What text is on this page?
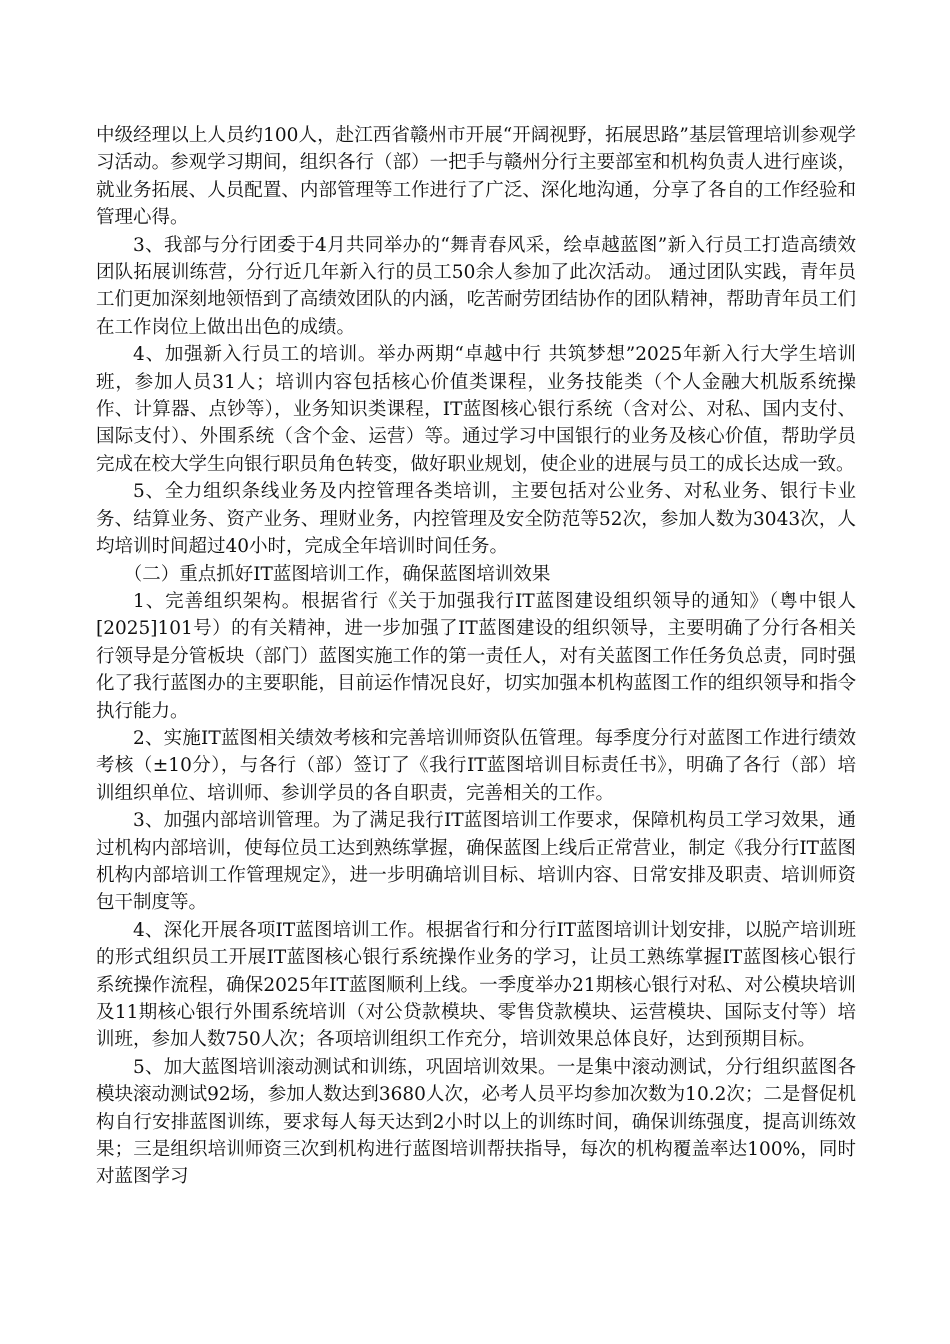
中级经理以上人员约100人，赴江西省赣州市开展“开阔视野，拓展思路”基层管理培训参观学习活动。参观学习期间，组织各行（部）一把手与赣州分行主要部室和机构负责人进行座谈，就业务拓展、人员配置、内部管理等工作进行了广泛、深化地沟通，分享了各自的工作经验和管理心得。

3、我部与分行团委于4月共同举办的“舞青春风采，绘卓越蓝图”新入行员工打造高绩效团队拓展训练营，分行近几年新入行的员工50余人参加了此次活动。 通过团队实践，青年员工们更加深刻地领悟到了高绩效团队的内涵，吃苦耐劳团结协作的团队精神，帮助青年员工们在工作岗位上做出出色的成绩。

4、加强新入行员工的培训。举办两期“卓越中行 共筑梦想”2025年新入行大学生培训班，参加人员31人；培训内容包括核心价值类课程，业务技能类（个人金融大机版系统操作、计算器、点钞等），业务知识类课程，IT蓝图核心银行系统（含对公、对私、国内支付、国际支付）、外围系统（含个金、运营）等。通过学习中国银行的业务及核心价值，帮助学员完成在校大学生向银行职员角色转变，做好职业规划，使企业的进展与员工的成长达成一致。

5、全力组织条线业务及内控管理各类培训，主要包括对公业务、对私业务、银行卡业务、结算业务、资产业务、理财业务，内控管理及安全防范等52次，参加人数为3043次，人均培训时间超过40小时，完成全年培训时间任务。

（二）重点抓好IT蓝图培训工作，确保蓝图培训效果

1、完善组织架构。根据省行《关于加强我行IT蓝图建设组织领导的通知》（粤中银人[2025]101号）的有关精神，进一步加强了IT蓝图建设的组织领导，主要明确了分行各相关行领导是分管板块（部门）蓝图实施工作的第一责任人，对有关蓝图工作任务负总责，同时强化了我行蓝图办的主要职能，目前运作情况良好，切实加强本机构蓝图工作的组织领导和指令执行能力。

2、实施IT蓝图相关绩效考核和完善培训师资队伍管理。每季度分行对蓝图工作进行绩效考核（±10分），与各行（部）签订了《我行IT蓝图培训目标责任书》，明确了各行（部）培训组织单位、培训师、参训学员的各自职责，完善相关的工作。

3、加强内部培训管理。为了满足我行IT蓝图培训工作要求，保障机构员工学习效果，通过机构内部培训，使每位员工达到熟练掌握，确保蓝图上线后正常营业，制定《我分行IT蓝图机构内部培训工作管理规定》，进一步明确培训目标、培训内容、日常安排及职责、培训师资包干制度等。

4、深化开展各项IT蓝图培训工作。根据省行和分行IT蓝图培训计划安排，以脱产培训班的形式组织员工开展IT蓝图核心银行系统操作业务的学习，让员工熟练掌握IT蓝图核心银行系统操作流程，确保2025年IT蓝图顺利上线。一季度举办21期核心银行对私、对公模块培训及11期核心银行外围系统培训（对公贷款模块、零售贷款模块、运营模块、国际支付等）培训班，参加人数750人次；各项培训组织工作充分，培训效果总体良好，达到预期目标。

5、加大蓝图培训滚动测试和训练，巩固培训效果。一是集中滚动测试，分行组织蓝图各模块滚动测试92场，参加人数达到3680人次，必考人员平均参加次数为10.2次；二是督促机构自行安排蓝图训练，要求每人每天达到2小时以上的训练时间，确保训练强度，提高训练效果；三是组织培训师资三次到机构进行蓝图培训帮扶指导，每次的机构覆盖率达100%，同时对蓝图学习
